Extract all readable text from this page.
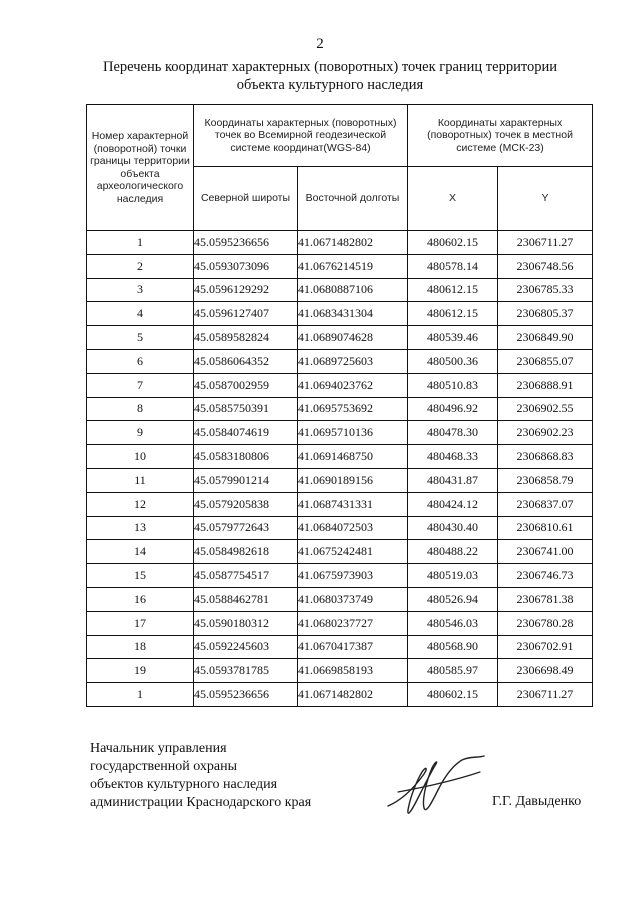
2
Перечень координат характерных (поворотных) точек границ территории
объекта культурного наследия
Номер характерной (поворотной) точки границы территории объекта археологического наследия	Координаты характерных (поворотных) точек во Всемирной геодезической системе координат(WGS-84)		Координаты характерных (поворотных) точек в местной системе (МСК-23)	
	Северной широты	Восточной долготы	X	Y
1	45.0595236656	41.0671482802	480602.15	2306711.27
2	45.0593073096	41.0676214519	480578.14	2306748.56
3	45.0596129292	41.0680887106	480612.15	2306785.33
4	45.0596127407	41.0683431304	480612.15	2306805.37
5	45.0589582824	41.0689074628	480539.46	2306849.90
6	45.0586064352	41.0689725603	480500.36	2306855.07
7	45.0587002959	41.0694023762	480510.83	2306888.91
8	45.0585750391	41.0695753692	480496.92	2306902.55
9	45.0584074619	41.0695710136	480478.30	2306902.23
10	45.0583180806	41.0691468750	480468.33	2306868.83
11	45.0579901214	41.0690189156	480431.87	2306858.79
12	45.0579205838	41.0687431331	480424.12	2306837.07
13	45.0579772643	41.0684072503	480430.40	2306810.61
14	45.0584982618	41.0675242481	480488.22	2306741.00
15	45.0587754517	41.0675973903	480519.03	2306746.73
16	45.0588462781	41.0680373749	480526.94	2306781.38
17	45.0590180312	41.0680237727	480546.03	2306780.28
18	45.0592245603	41.0670417387	480568.90	2306702.91
19	45.0593781785	41.0669858193	480585.97	2306698.49
1	45.0595236656	41.0671482802	480602.15	2306711.27
Начальник управления
государственной охраны
объектов культурного наследия
администрации Краснодарского края	Г.Г. Давыденко
